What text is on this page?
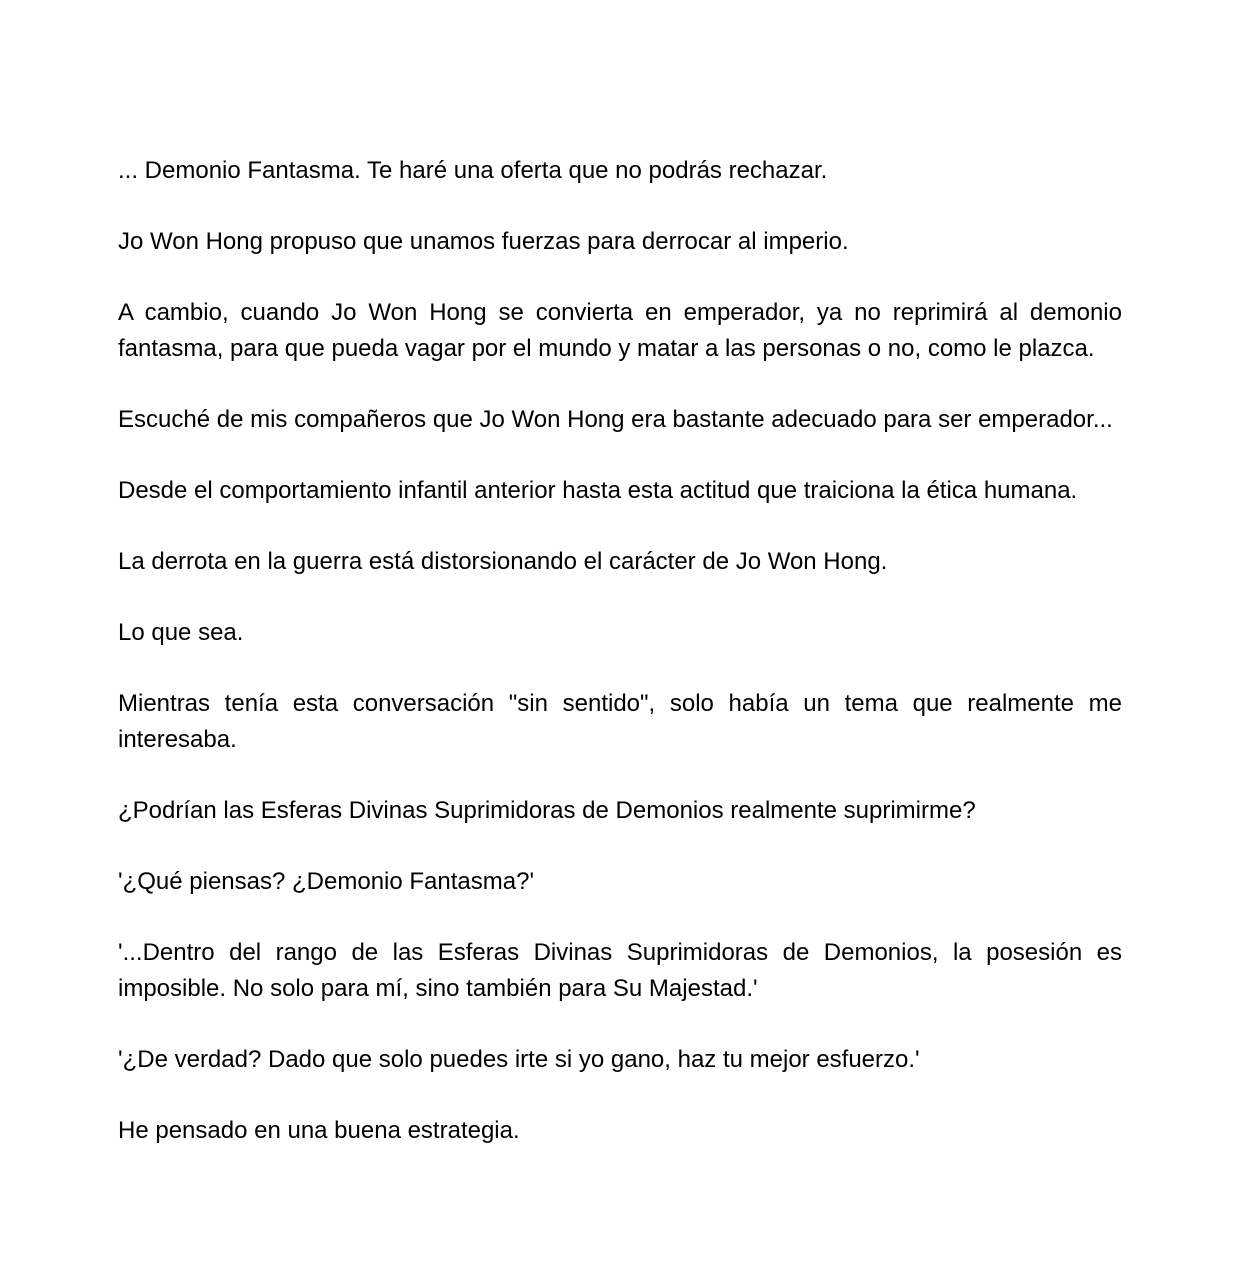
... Demonio Fantasma. Te haré una oferta que no podrás rechazar.

Jo Won Hong propuso que unamos fuerzas para derrocar al imperio.

A cambio, cuando Jo Won Hong se convierta en emperador, ya no reprimirá al demonio fantasma, para que pueda vagar por el mundo y matar a las personas o no, como le plazca.

Escuché de mis compañeros que Jo Won Hong era bastante adecuado para ser emperador...

Desde el comportamiento infantil anterior hasta esta actitud que traiciona la ética humana.

La derrota en la guerra está distorsionando el carácter de Jo Won Hong.

Lo que sea.

Mientras tenía esta conversación "sin sentido", solo había un tema que realmente me interesaba.

¿Podrían las Esferas Divinas Suprimidoras de Demonios realmente suprimirme?

'¿Qué piensas? ¿Demonio Fantasma?'

'...Dentro del rango de las Esferas Divinas Suprimidoras de Demonios, la posesión es imposible. No solo para mí, sino también para Su Majestad.'

'¿De verdad? Dado que solo puedes irte si yo gano, haz tu mejor esfuerzo.'

He pensado en una buena estrategia.
